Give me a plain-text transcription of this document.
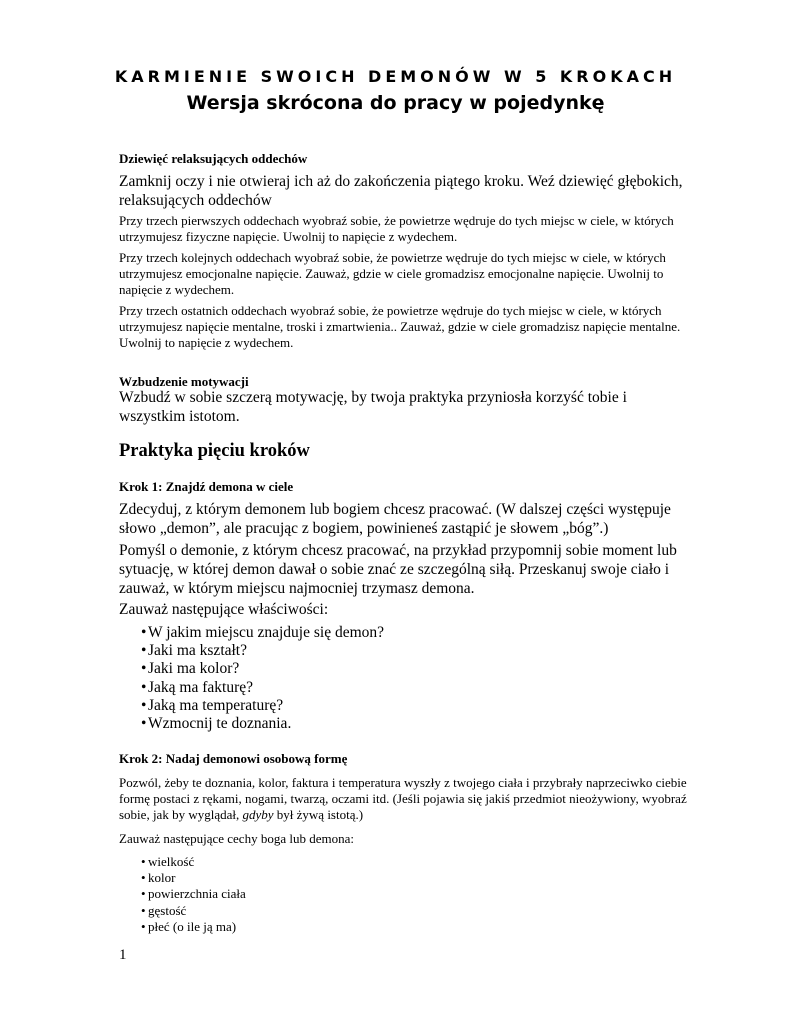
KARMIENIE SWOICH DEMONÓW W 5 KROKACH
Wersja skrócona do pracy w pojedynkę

Dziewięć relaksujących oddechów

Zamknij oczy i nie otwieraj ich aż do zakończenia piątego kroku. Weź dziewięć głębokich, relaksujących oddechów

Przy trzech pierwszych oddechach wyobraź sobie, że powietrze wędruje do tych miejsc w ciele, w których utrzymujesz fizyczne napięcie. Uwolnij to napięcie z wydechem.

Przy trzech kolejnych oddechach wyobraź sobie, że powietrze wędruje do tych miejsc w ciele, w których utrzymujesz emocjonalne napięcie. Zauważ, gdzie w ciele gromadzisz emocjonalne napięcie. Uwolnij to napięcie z wydechem.

Przy trzech ostatnich oddechach wyobraź sobie, że powietrze wędruje do tych miejsc w ciele, w których utrzymujesz napięcie mentalne, troski i zmartwienia.. Zauważ, gdzie w ciele gromadzisz napięcie mentalne. Uwolnij to napięcie z wydechem.

Wzbudzenie motywacji

Wzbudź w sobie szczerą motywację, by twoja praktyka przyniosła korzyść tobie i wszystkim istotom.

Praktyka pięciu kroków

Krok 1: Znajdź demona w ciele

Zdecyduj, z którym demonem lub bogiem chcesz pracować. (W dalszej części występuje słowo „demon”, ale pracując z bogiem, powinieneś zastąpić je słowem „bóg”.)

Pomyśl o demonie, z którym chcesz pracować, na przykład przypomnij sobie moment lub sytuację, w której demon dawał o sobie znać ze szczególną siłą. Przeskanuj swoje ciało i zauważ, w którym miejscu najmocniej trzymasz demona.

Zauważ następujące właściwości:

•
W jakim miejscu znajduje się demon?
•
Jaki ma kształt?
•
Jaki ma kolor?
•
Jaką ma fakturę?
•
Jaką ma temperaturę?
•
Wzmocnij te doznania.

Krok 2: Nadaj demonowi osobową formę

Pozwól, żeby te doznania, kolor, faktura i temperatura wyszły z twojego ciała i przybrały naprzeciwko ciebie formę postaci z rękami, nogami, twarzą, oczami itd. (Jeśli pojawia się jakiś przedmiot nieożywiony, wyobraź sobie, jak by wyglądał, gdyby był żywą istotą.)

Zauważ następujące cechy boga lub demona:

•
wielkość
•
kolor
•
powierzchnia ciała
•
gęstość
•
płeć (o ile ją ma)
1
